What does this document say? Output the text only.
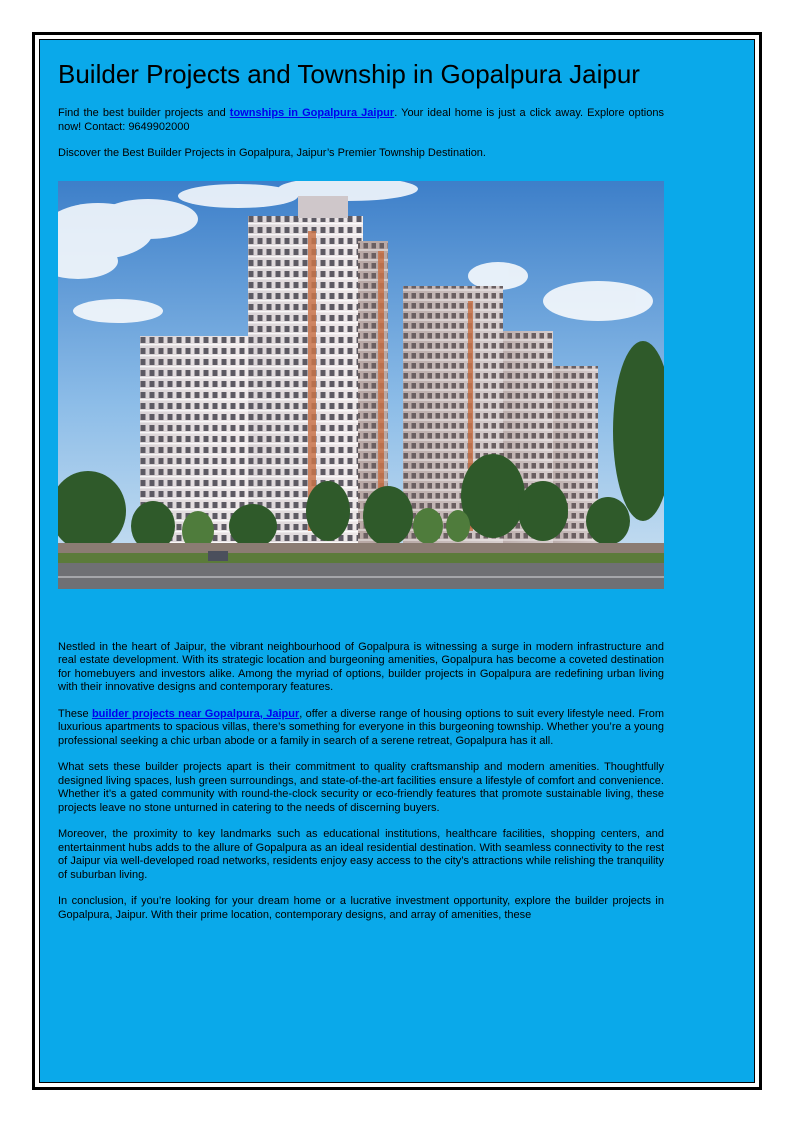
Builder Projects and Township in Gopalpura Jaipur

Find the best builder projects and townships in Gopalpura Jaipur. Your ideal home is just a click away. Explore options now! Contact: 9649902000

Discover the Best Builder Projects in Gopalpura, Jaipur’s Premier Township Destination.

Nestled in the heart of Jaipur, the vibrant neighbourhood of Gopalpura is witnessing a surge in modern infrastructure and real estate development. With its strategic location and burgeoning amenities, Gopalpura has become a coveted destination for homebuyers and investors alike. Among the myriad of options, builder projects in Gopalpura are redefining urban living with their innovative designs and contemporary features.

These builder projects near Gopalpura, Jaipur, offer a diverse range of housing options to suit every lifestyle need. From luxurious apartments to spacious villas, there’s something for everyone in this burgeoning township. Whether you’re a young professional seeking a chic urban abode or a family in search of a serene retreat, Gopalpura has it all.

What sets these builder projects apart is their commitment to quality craftsmanship and modern amenities. Thoughtfully designed living spaces, lush green surroundings, and state-of-the-art facilities ensure a lifestyle of comfort and convenience. Whether it’s a gated community with round-the-clock security or eco-friendly features that promote sustainable living, these projects leave no stone unturned in catering to the needs of discerning buyers.

Moreover, the proximity to key landmarks such as educational institutions, healthcare facilities, shopping centers, and entertainment hubs adds to the allure of Gopalpura as an ideal residential destination. With seamless connectivity to the rest of Jaipur via well-developed road networks, residents enjoy easy access to the city’s attractions while relishing the tranquility of suburban living.

In conclusion, if you’re looking for your dream home or a lucrative investment opportunity, explore the builder projects in Gopalpura, Jaipur. With their prime location, contemporary designs, and array of amenities, these
